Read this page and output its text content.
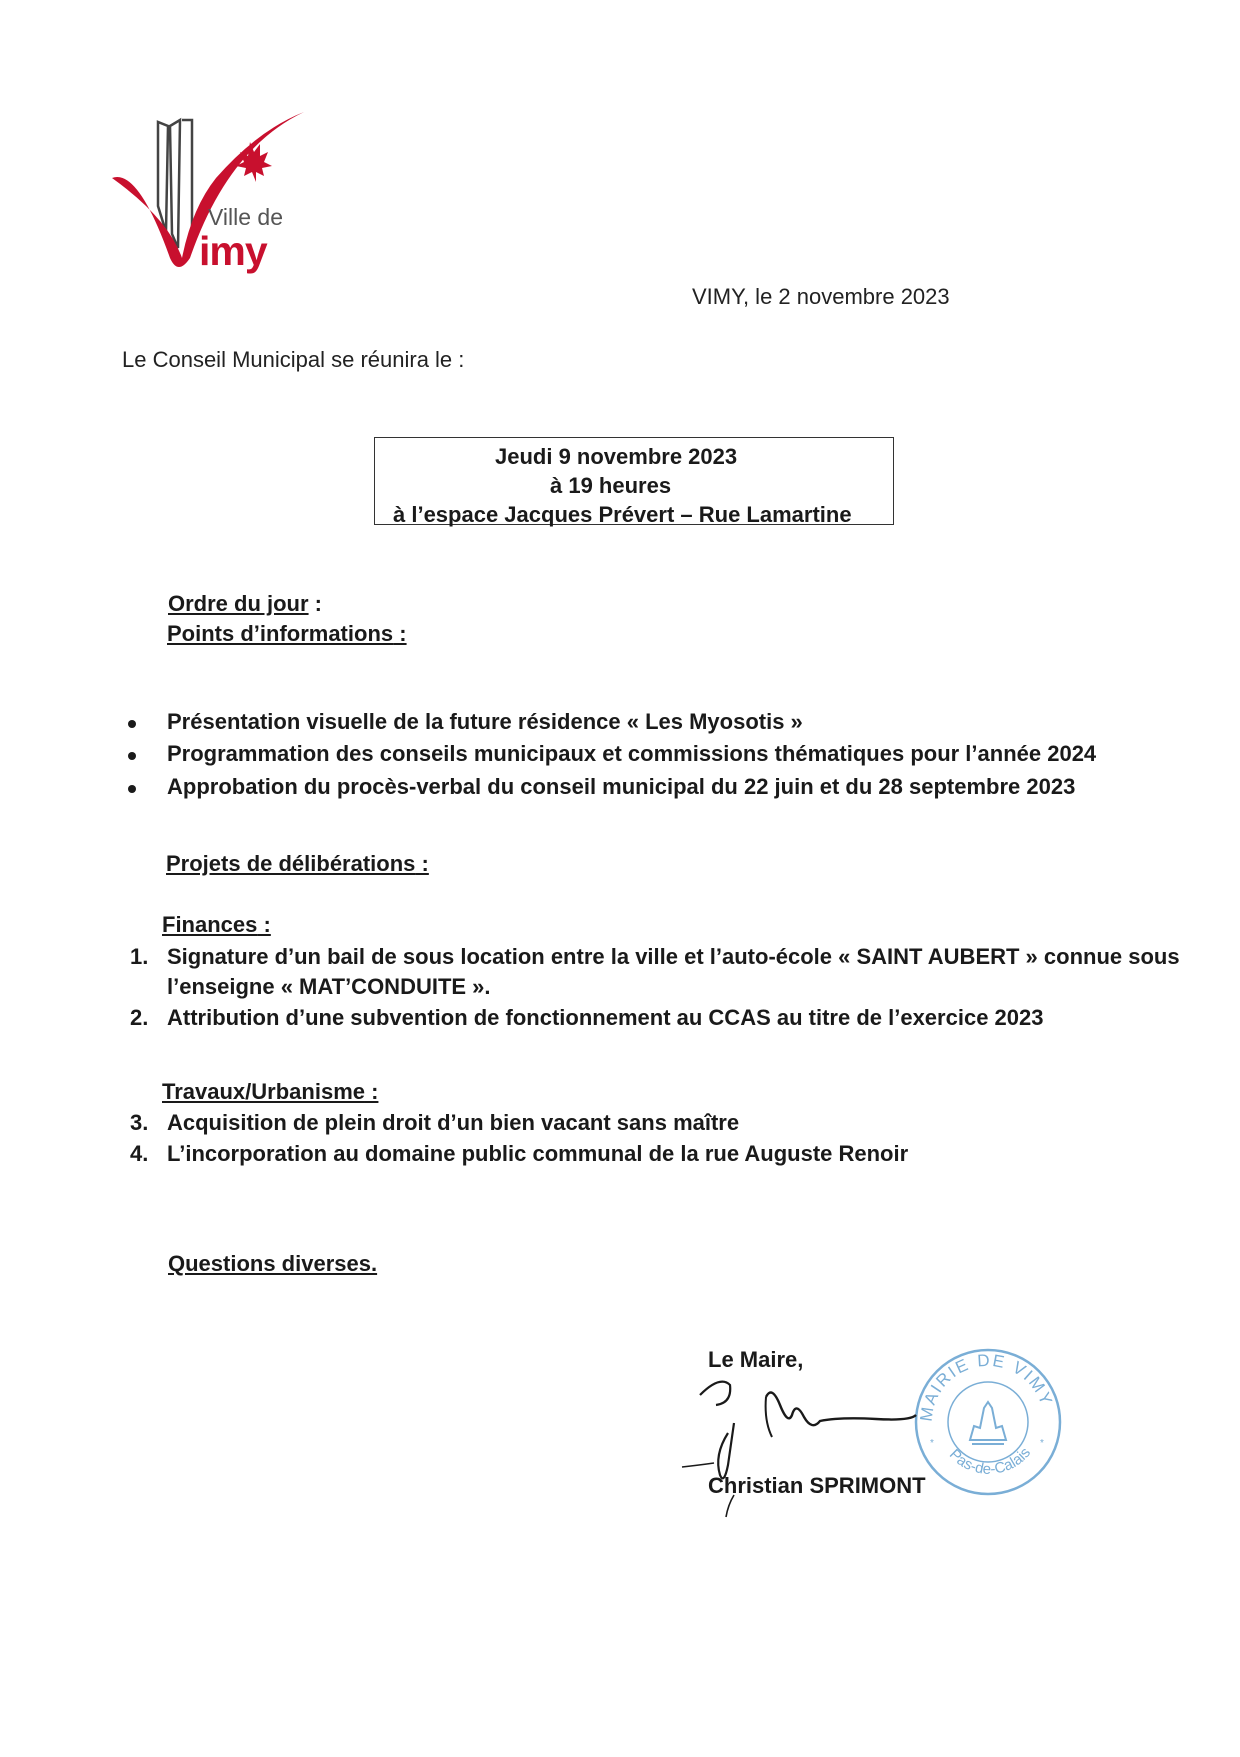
Ville de
imy
VIMY, le 2 novembre 2023
Le Conseil Municipal se réunira le :
Jeudi 9 novembre 2023
à 19 heures
à l’espace Jacques Prévert – Rue Lamartine
Ordre du jour :
Points d’informations :
Présentation visuelle de la future résidence « Les Myosotis »
Programmation des conseils municipaux et commissions thématiques pour l’année 2024
Approbation du procès-verbal du conseil municipal du 22 juin et du 28 septembre 2023
Projets de délibérations :
Finances :
1. Signature d’un bail de sous location entre la ville et l’auto-école « SAINT AUBERT » connue sous
l’enseigne « MAT’CONDUITE ».
2. Attribution d’une subvention de fonctionnement au CCAS au titre de l’exercice 2023
Travaux/Urbanisme :
3. Acquisition de plein droit d’un bien vacant sans maître
4. L’incorporation au domaine public communal de la rue Auguste Renoir
Questions diverses.
MAIRIE DE VIMY
Pas-de-Calais
*	*
Le Maire,
Christian SPRIMONT
